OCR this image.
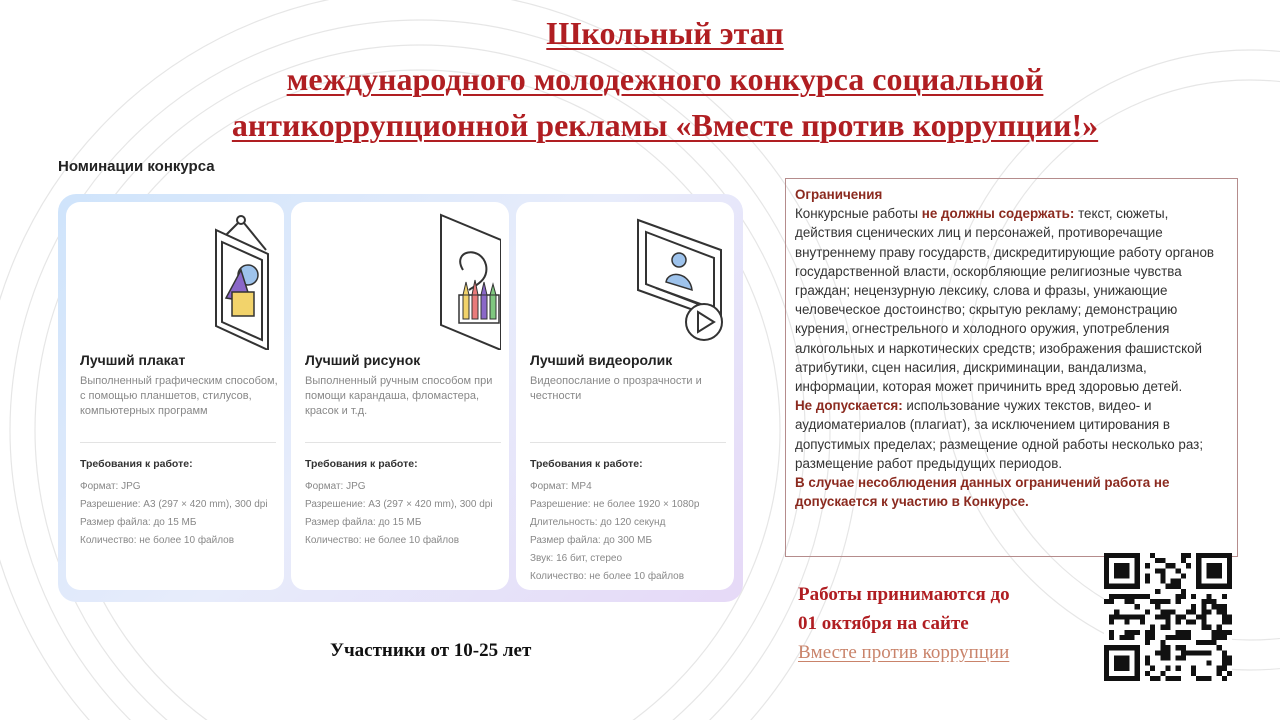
Школьный этап
международного молодежного конкурса социальной
антикоррупционной рекламы «Вместе против коррупции!»
Номинации конкурса
Лучший плакат
Выполненный графическим способом, с помощью планшетов, стилусов, компьютерных программ
Требования к работе:
Формат: JPG
Разрешение: A3 (297 × 420 mm), 300 dpi
Размер файла: до 15 МБ
Количество: не более 10 файлов
Лучший рисунок
Выполненный ручным способом при помощи карандаша, фломастера, красок и т.д.
Требования к работе:
Формат: JPG
Разрешение: A3 (297 × 420 mm), 300 dpi
Размер файла: до 15 МБ
Количество: не более 10 файлов
Лучший видеоролик
Видеопослание о прозрачности и честности
Требования к работе:
Формат: MP4
Разрешение: не более 1920 × 1080p
Длительность: до 120 секунд
Размер файла: до 300 МБ
Звук: 16 бит, стерео
Количество: не более 10 файлов
Участники от 10-25 лет
Ограничения
Конкурсные работы не должны содержать: текст, сюжеты, действия сценических лиц и персонажей, противоречащие внутреннему праву государств, дискредитирующие работу органов государственной власти, оскорбляющие религиозные чувства граждан; нецензурную лексику, слова и фразы, унижающие человеческое достоинство; скрытую рекламу; демонстрацию курения, огнестрельного и холодного оружия, употребления алкогольных и наркотических средств; изображения фашистской атрибутики, сцен насилия, дискриминации, вандализма, информации, которая может причинить вред здоровью детей.
Не допускается: использование чужих текстов, видео- и аудиоматериалов (плагиат), за исключением цитирования в допустимых пределах; размещение одной работы несколько раз; размещение работ предыдущих периодов.
В случае несоблюдения данных ограничений работа не допускается к участию в Конкурсе.
Работы принимаются до
01 октября на сайте
Вместе против коррупции
